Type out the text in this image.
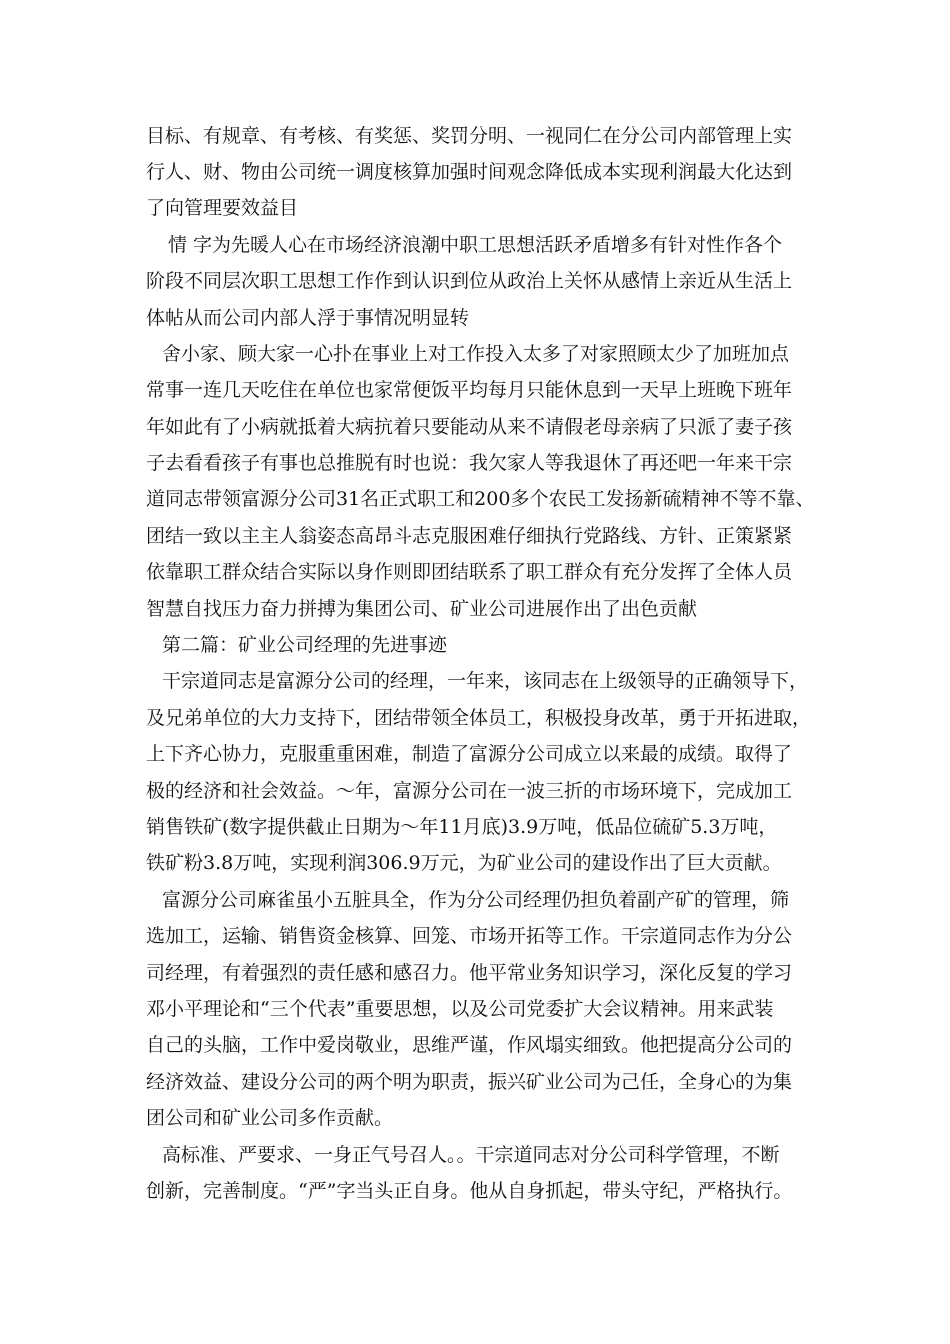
目标、有规章、有考核、有奖惩、奖罚分明、一视同仁在分公司内部管理上实

行人、财、物由公司统一调度核算加强时间观念降低成本实现利润最大化达到

了向管理要效益目

情 字为先暖人心在市场经济浪潮中职工思想活跃矛盾增多有针对性作各个

阶段不同层次职工思想工作作到认识到位从政治上关怀从感情上亲近从生活上

体帖从而公司内部人浮于事情况明显转

舍小家、顾大家一心扑在事业上对工作投入太多了对家照顾太少了加班加点

常事一连几天吃住在单位也家常便饭平均每月只能休息到一天早上班晚下班年

年如此有了小病就抵着大病抗着只要能动从来不请假老母亲病了只派了妻子孩

子去看看孩子有事也总推脱有时也说：我欠家人等我退休了再还吧一年来干宗

道同志带领富源分公司31名正式职工和200多个农民工发扬新硫精神不等不靠、

团结一致以主主人翁姿态高昂斗志克服困难仔细执行党路线、方针、正策紧紧

依靠职工群众结合实际以身作则即团结联系了职工群众有充分发挥了全体人员

智慧自找压力奋力拼搏为集团公司、矿业公司进展作出了出色贡献

第二篇：矿业公司经理的先进事迹

干宗道同志是富源分公司的经理，一年来，该同志在上级领导的正确领导下，

及兄弟单位的大力支持下，团结带领全体员工，积极投身改革，勇于开拓进取，

上下齐心协力，克服重重困难，制造了富源分公司成立以来最的成绩。取得了

极的经济和社会效益。～年，富源分公司在一波三折的市场环境下，完成加工

销售铁矿(数字提供截止日期为～年11月底)3.9万吨，低品位硫矿5.3万吨，

铁矿粉3.8万吨，实现利润306.9万元，为矿业公司的建设作出了巨大贡献。

富源分公司麻雀虽小五脏具全，作为分公司经理仍担负着副产矿的管理，筛

选加工，运输、销售资金核算、回笼、市场开拓等工作。干宗道同志作为分公

司经理，有着强烈的责任感和感召力。他平常业务知识学习，深化反复的学习

邓小平理论和“三个代表”重要思想，以及公司党委扩大会议精神。用来武装

自己的头脑，工作中爱岗敬业，思维严谨，作风塌实细致。他把提高分公司的

经济效益、建设分公司的两个明为职责，振兴矿业公司为己任，全身心的为集

团公司和矿业公司多作贡献。

高标准、严要求、一身正气号召人。。干宗道同志对分公司科学管理，不断

创新，完善制度。“严”字当头正自身。他从自身抓起，带头守纪，严格执行。
